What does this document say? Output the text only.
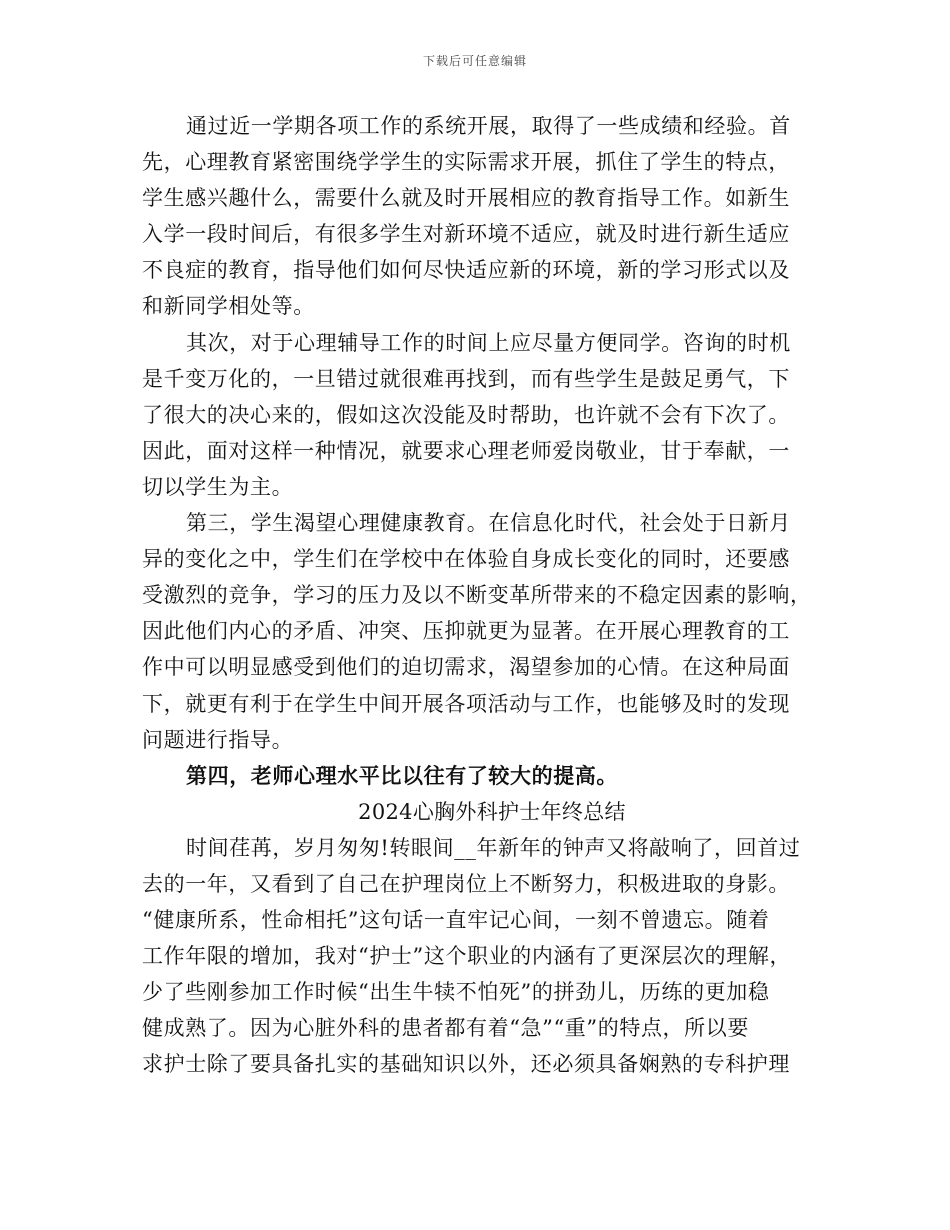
下载后可任意编辑
通过近一学期各项工作的系统开展，取得了一些成绩和经验。首
先，心理教育紧密围绕学学生的实际需求开展，抓住了学生的特点，
学生感兴趣什么，需要什么就及时开展相应的教育指导工作。如新生
入学一段时间后，有很多学生对新环境不适应，就及时进行新生适应
不良症的教育，指导他们如何尽快适应新的环境，新的学习形式以及
和新同学相处等。
其次，对于心理辅导工作的时间上应尽量方便同学。咨询的时机
是千变万化的，一旦错过就很难再找到，而有些学生是鼓足勇气，下
了很大的决心来的，假如这次没能及时帮助，也许就不会有下次了。
因此，面对这样一种情况，就要求心理老师爱岗敬业，甘于奉献，一
切以学生为主。
第三，学生渴望心理健康教育。在信息化时代，社会处于日新月
异的变化之中，学生们在学校中在体验自身成长变化的同时，还要感
受激烈的竞争，学习的压力及以不断变革所带来的不稳定因素的影响，
因此他们内心的矛盾、冲突、压抑就更为显著。在开展心理教育的工
作中可以明显感受到他们的迫切需求，渴望参加的心情。在这种局面
下，就更有利于在学生中间开展各项活动与工作，也能够及时的发现
问题进行指导。
第四，老师心理水平比以往有了较大的提高。
2024心胸外科护士年终总结
时间荏苒，岁月匆匆!转眼间__年新年的钟声又将敲响了，回首过
去的一年，又看到了自己在护理岗位上不断努力，积极进取的身影。
“健康所系，性命相托”这句话一直牢记心间，一刻不曾遗忘。随着
工作年限的增加，我对“护士”这个职业的内涵有了更深层次的理解，
少了些刚参加工作时候“出生牛犊不怕死”的拼劲儿，历练的更加稳
健成熟了。因为心脏外科的患者都有着“急”“重”的特点，所以要
求护士除了要具备扎实的基础知识以外，还必须具备娴熟的专科护理
